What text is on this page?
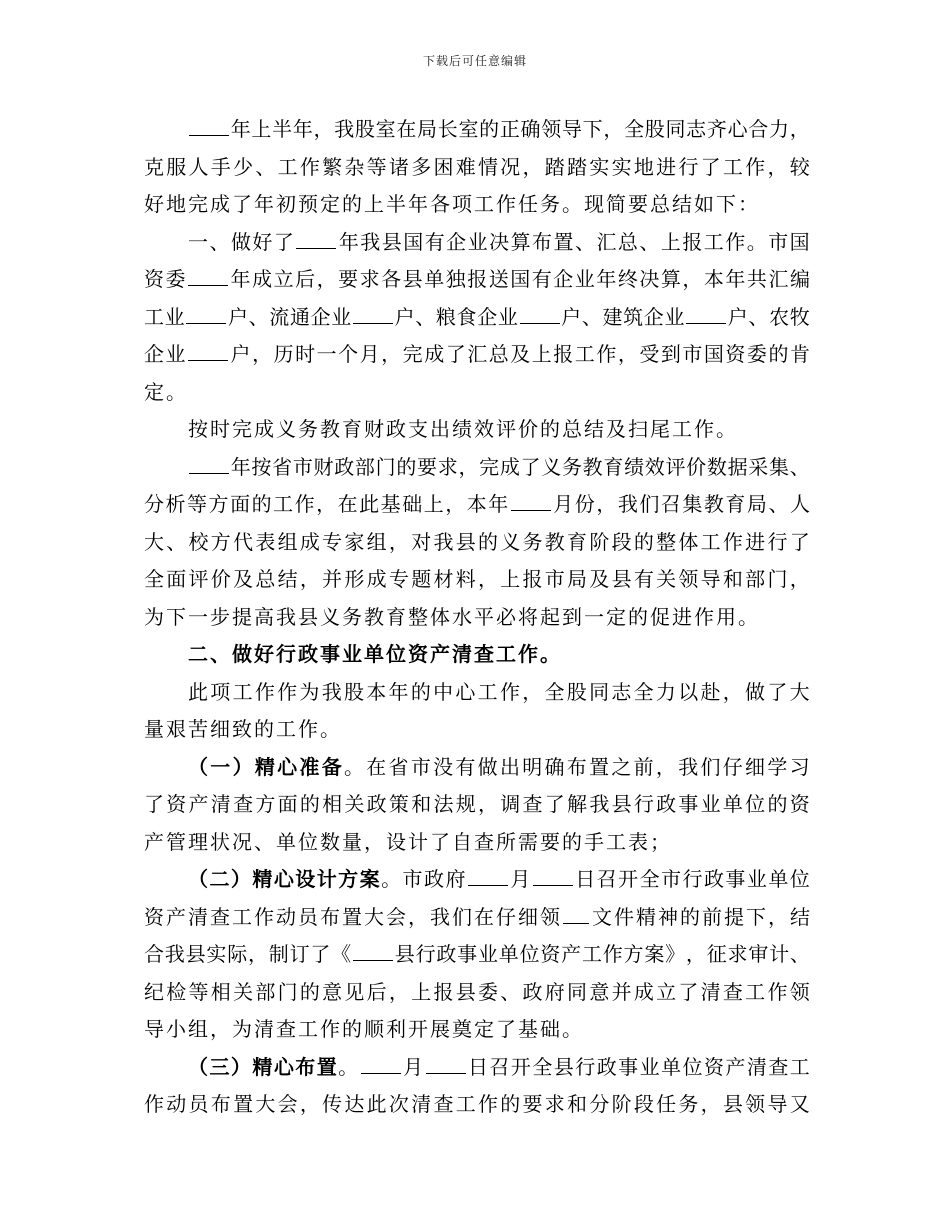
下载后可任意编辑
年 上 半 年 ， 我 股 室 在 局 长 室 的 正 确 领 导 下 ， 全 股 同 志 齐 心 合 力 ，
克 服 人 手 少 、 工 作 繁 杂 等 诸 多 困 难 情 况 ， 踏 踏 实 实 地 进 行 了 工 作 ， 较
好 地 完 成 了 年 初 预 定 的 上 半 年 各 项 工 作 任 务 。 现 简 要 总 结 如 下 ：
一 、 做 好 了 年 我 县 国 有 企 业 决 算 布 置 、 汇 总 、 上 报 工 作 。 市 国
资 委 年 成 立 后 ， 要 求 各 县 单 独 报 送 国 有 企 业 年 终 决 算 ， 本 年 共 汇 编
工 业 户 、 流 通 企 业 户 、 粮 食 企 业 户 、 建 筑 企 业 户 、 农 牧
企 业 户 ， 历 时 一 个 月 ， 完 成 了 汇 总 及 上 报 工 作 ， 受 到 市 国 资 委 的 肯
定 。
按 时 完 成 义 务 教 育 财 政 支 出 绩 效 评 价 的 总 结 及 扫 尾 工 作 。
年 按 省 市 财 政 部 门 的 要 求 ， 完 成 了 义 务 教 育 绩 效 评 价 数 据 采 集 、
分 析 等 方 面 的 工 作 ， 在 此 基 础 上 ， 本 年 月 份 ， 我 们 召 集 教 育 局 、 人
大 、 校 方 代 表 组 成 专 家 组 ， 对 我 县 的 义 务 教 育 阶 段 的 整 体 工 作 进 行 了
全 面 评 价 及 总 结 ， 并 形 成 专 题 材 料 ， 上 报 市 局 及 县 有 关 领 导 和 部 门 ，
为 下 一 步 提 高 我 县 义 务 教 育 整 体 水 平 必 将 起 到 一 定 的 促 进 作 用 。
二 、 做 好 行 政 事 业 单 位 资 产 清 查 工 作 。
此 项 工 作 作 为 我 股 本 年 的 中 心 工 作 ， 全 股 同 志 全 力 以 赴 ， 做 了 大
量 艰 苦 细 致 的 工 作 。
（ 一 ） 精 心 准 备 。 在 省 市 没 有 做 出 明 确 布 置 之 前 ， 我 们 仔 细 学 习
了 资 产 清 查 方 面 的 相 关 政 策 和 法 规 ， 调 查 了 解 我 县 行 政 事 业 单 位 的 资
产 管 理 状 况 、 单 位 数 量 ， 设 计 了 自 查 所 需 要 的 手 工 表 ；
（ 二 ） 精 心 设 计 方 案 。 市 政 府 月 日 召 开 全 市 行 政 事 业 单 位
资 产 清 查 工 作 动 员 布 置 大 会 ， 我 们 在 仔 细 领 文 件 精 神 的 前 提 下 ， 结
合 我 县 实 际 ， 制 订 了 《 县 行 政 事 业 单 位 资 产 工 作 方 案 》 ， 征 求 审 计 、
纪 检 等 相 关 部 门 的 意 见 后 ， 上 报 县 委 、 政 府 同 意 并 成 立 了 清 查 工 作 领
导 小 组 ， 为 清 查 工 作 的 顺 利 开 展 奠 定 了 基 础 。
（ 三 ） 精 心 布 置 。 月 日 召 开 全 县 行 政 事 业 单 位 资 产 清 查 工
作 动 员 布 置 大 会 ， 传 达 此 次 清 查 工 作 的 要 求 和 分 阶 段 任 务 ， 县 领 导 又
